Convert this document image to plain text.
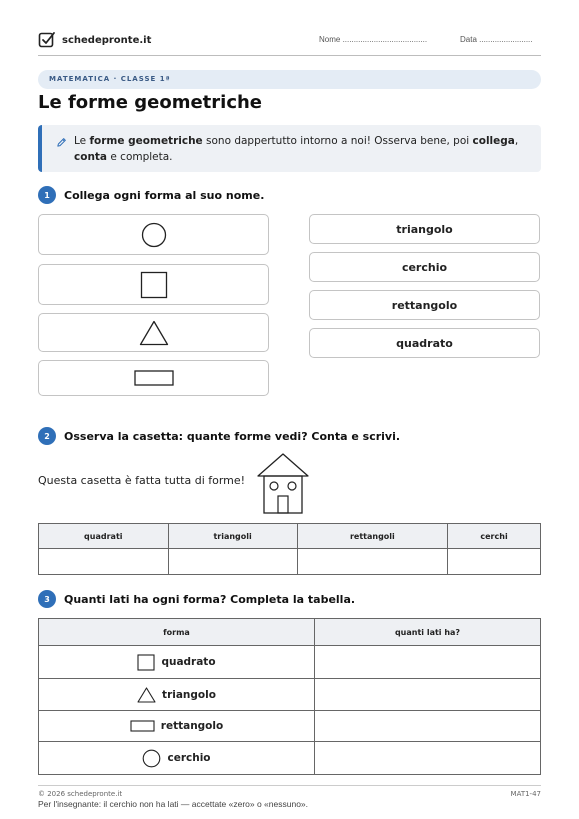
schedepronte.it	Nome ......................................	Data ........................
MATEMATICA · CLASSE 1ª
Le forme geometriche

Le forme geometriche sono dappertutto intorno a noi! Osserva bene, poi collega, conta e completa.

1	Collega ogni forma al suo nome.
triangolo
cerchio
rettangolo
quadrato
2	Osserva la casetta: quante forme vedi? Conta e scrivi.
Questa casetta è fatta tutta di forme!
quadrati	triangoli	rettangoli	cerchi

3	Quanti lati ha ogni forma? Completa la tabella.
forma	quanti lati ha?

quadrato	

triangolo	

rettangolo	

cerchio	

© 2026 schedepronte.it	MAT1-47
Per l'insegnante: il cerchio non ha lati — accettate «zero» o «nessuno».
